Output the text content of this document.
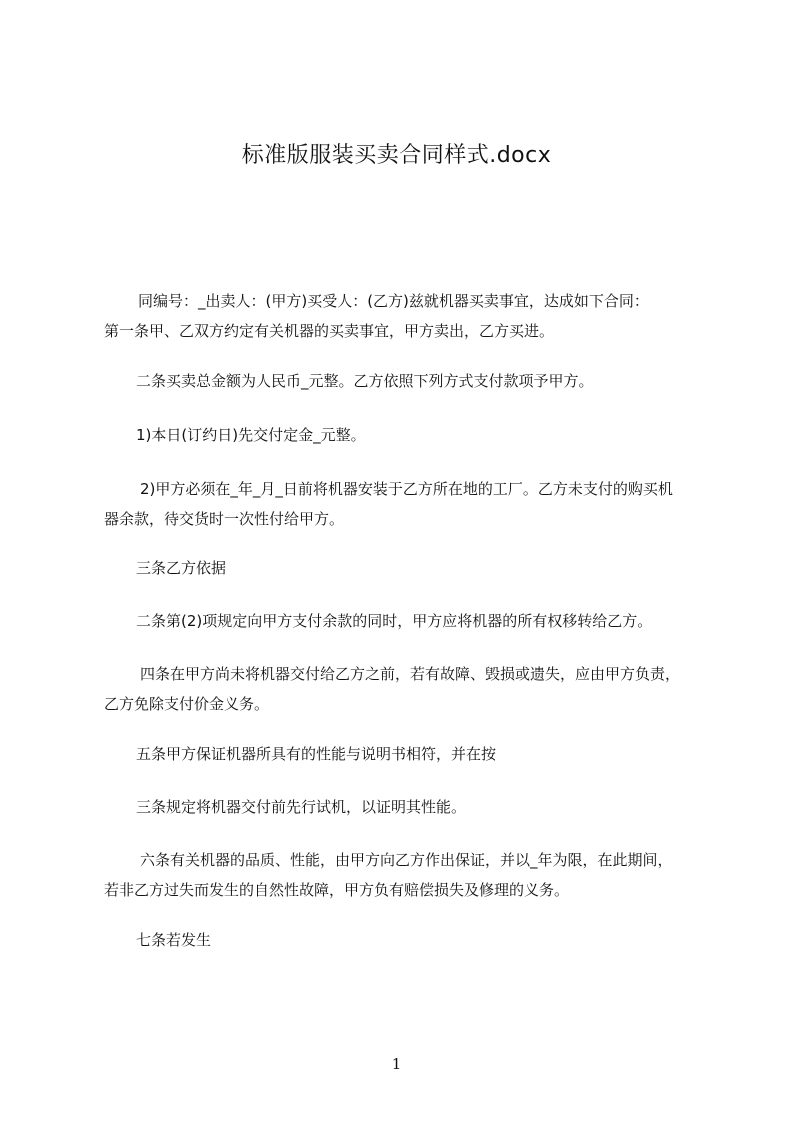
标准版服装买卖合同样式.docx
同编号：_出卖人：(甲方)买受人：(乙方)兹就机器买卖事宜，达成如下合同：
第一条甲、乙双方约定有关机器的买卖事宜，甲方卖出，乙方买进。
二条买卖总金额为人民币_元整。乙方依照下列方式支付款项予甲方。
1)本日(订约日)先交付定金_元整。
2)甲方必须在_年_月_日前将机器安装于乙方所在地的工厂。乙方未支付的购买机
器余款，待交货时一次性付给甲方。
三条乙方依据
二条第(2)项规定向甲方支付余款的同时，甲方应将机器的所有权移转给乙方。
四条在甲方尚未将机器交付给乙方之前，若有故障、毁损或遗失，应由甲方负责，
乙方免除支付价金义务。
五条甲方保证机器所具有的性能与说明书相符，并在按
三条规定将机器交付前先行试机，以证明其性能。
六条有关机器的品质、性能，由甲方向乙方作出保证，并以_年为限，在此期间，
若非乙方过失而发生的自然性故障，甲方负有赔偿损失及修理的义务。
七条若发生
1
